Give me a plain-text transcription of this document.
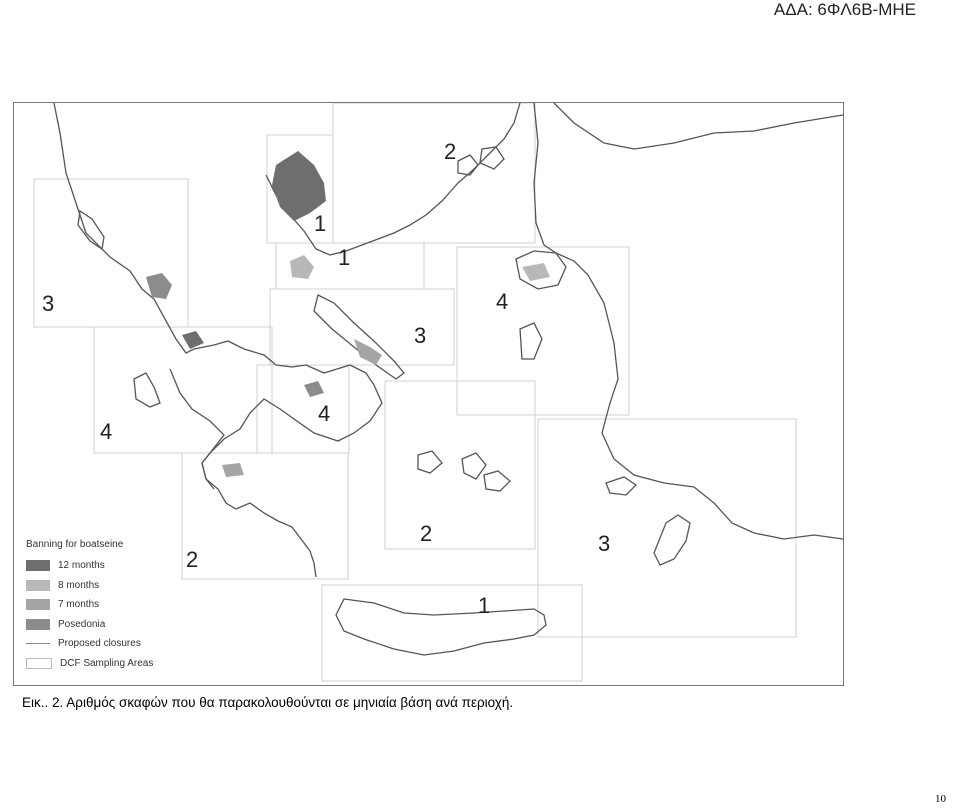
ΑΔΑ: 6ΦΛ6Β-ΜΗΕ
2
1
1
3
3
4
4
4
2
2
3
1
Banning for boatseine
12 months
8 months
7 months
Posedonia
Proposed closures
DCF Sampling Areas
Εικ.. 2. Αριθμός σκαφών που θα παρακολουθούνται σε μηνιαία βάση ανά περιοχή.
10
